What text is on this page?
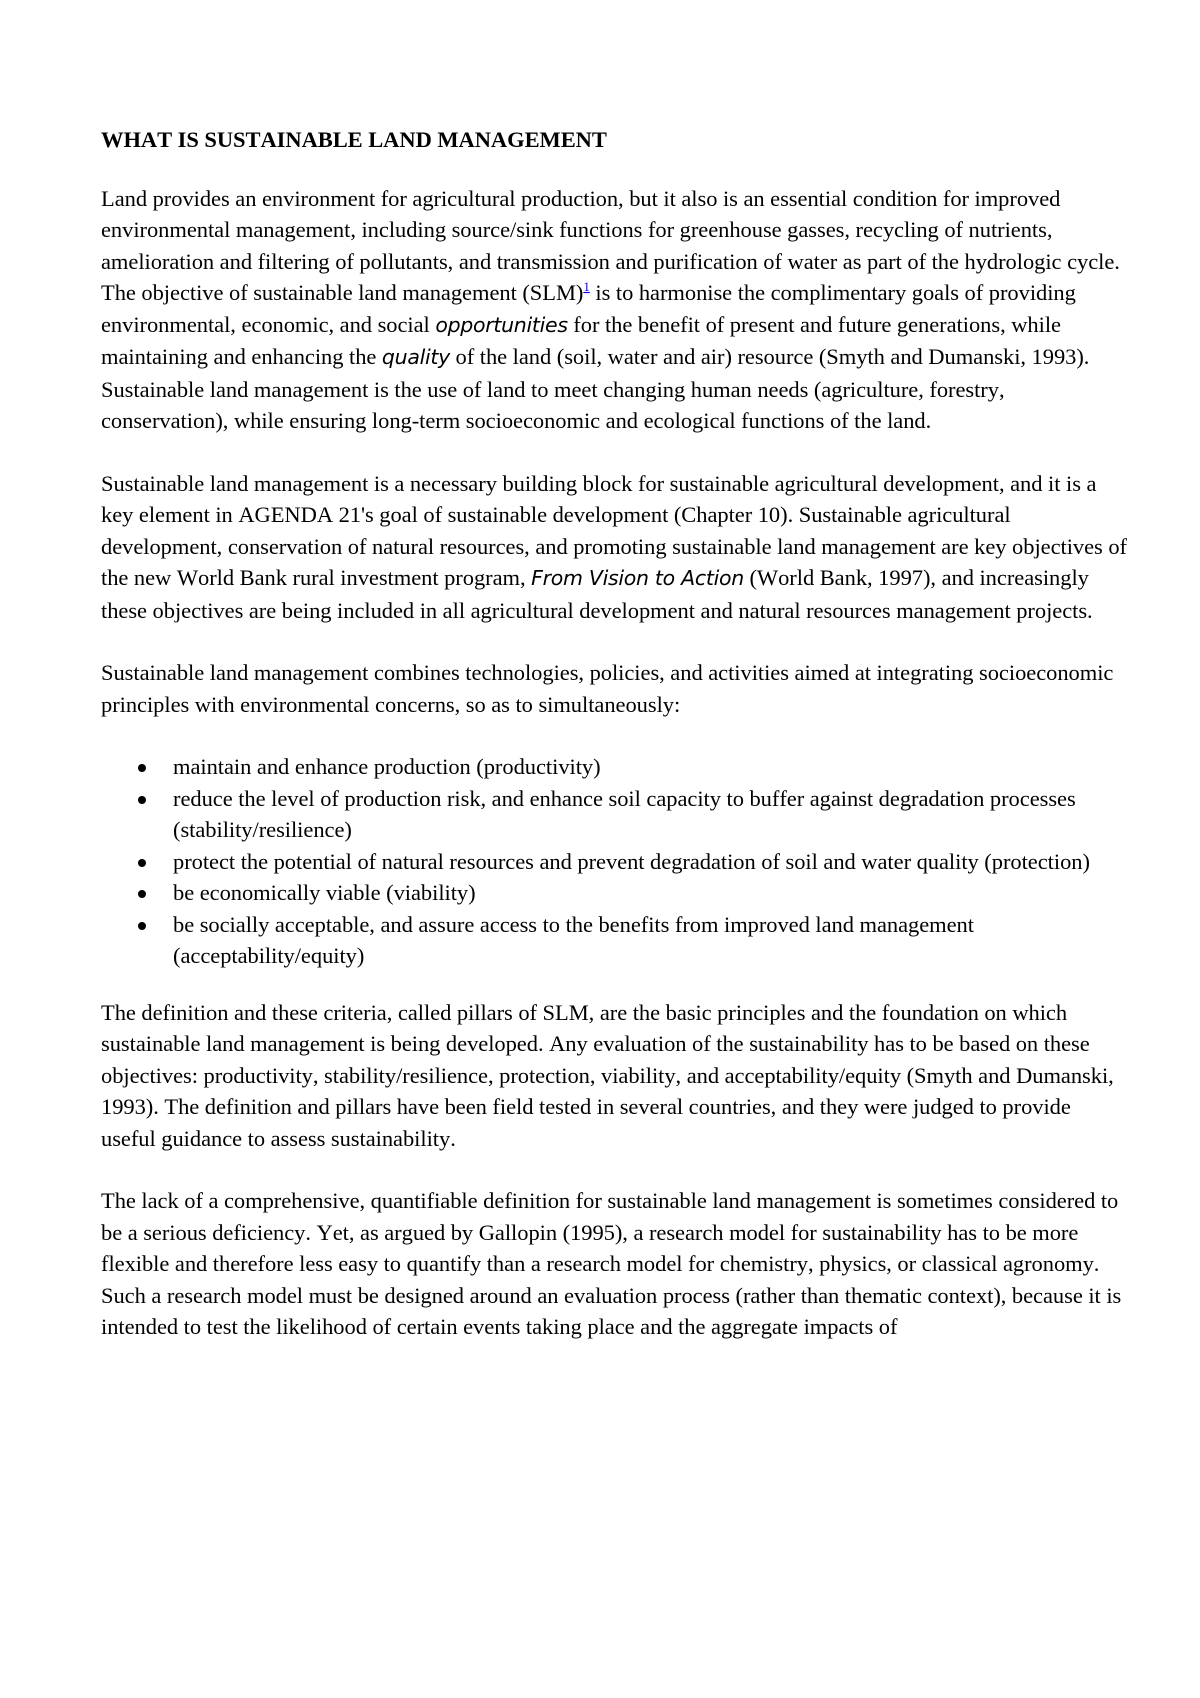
WHAT IS SUSTAINABLE LAND MANAGEMENT

Land provides an environment for agricultural production, but it also is an essential condition for improved environmental management, including source/sink functions for greenhouse gasses, recycling of nutrients, amelioration and filtering of pollutants, and transmission and purification of water as part of the hydrologic cycle. The objective of sustainable land management (SLM)$^1$ is to harmonise the complimentary goals of providing environmental, economic, and social opportunities for the benefit of present and future generations, while maintaining and enhancing the quality of the land (soil, water and air) resource (Smyth and Dumanski, 1993). Sustainable land management is the use of land to meet changing human needs (agriculture, forestry, conservation), while ensuring long-term socioeconomic and ecological functions of the land.

Sustainable land management is a necessary building block for sustainable agricultural development, and it is a key element in AGENDA 21's goal of sustainable development (Chapter 10). Sustainable agricultural development, conservation of natural resources, and promoting sustainable land management are key objectives of the new World Bank rural investment program, From Vision to Action (World Bank, 1997), and increasingly these objectives are being included in all agricultural development and natural resources management projects.

Sustainable land management combines technologies, policies, and activities aimed at integrating socioeconomic principles with environmental concerns, so as to simultaneously:

maintain and enhance production (productivity)
reduce the level of production risk, and enhance soil capacity to buffer against degradation processes (stability/resilience)
protect the potential of natural resources and prevent degradation of soil and water quality (protection)
be economically viable (viability)
be socially acceptable, and assure access to the benefits from improved land management (acceptability/equity)

The definition and these criteria, called pillars of SLM, are the basic principles and the foundation on which sustainable land management is being developed. Any evaluation of the sustainability has to be based on these objectives: productivity, stability/resilience, protection, viability, and acceptability/equity (Smyth and Dumanski, 1993). The definition and pillars have been field tested in several countries, and they were judged to provide useful guidance to assess sustainability.

The lack of a comprehensive, quantifiable definition for sustainable land management is sometimes considered to be a serious deficiency. Yet, as argued by Gallopin (1995), a research model for sustainability has to be more flexible and therefore less easy to quantify than a research model for chemistry, physics, or classical agronomy. Such a research model must be designed around an evaluation process (rather than thematic context), because it is intended to test the likelihood of certain events taking place and the aggregate impacts of
